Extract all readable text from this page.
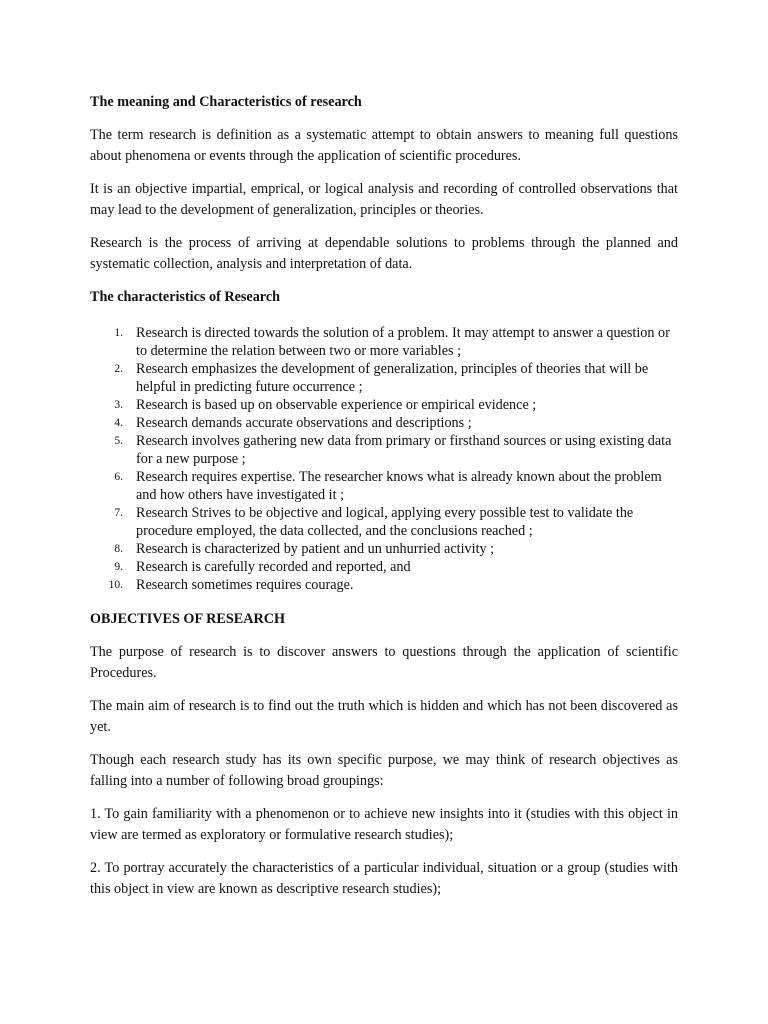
The meaning and Characteristics of research

The term research is definition as a systematic attempt to obtain answers to meaning full questions about phenomena or events through the application of scientific procedures.

It is an objective impartial, emprical, or logical analysis and recording of controlled observations that may lead to the development of generalization, principles or theories.

Research is the process of arriving at dependable solutions to problems through the planned and systematic collection, analysis and interpretation of data.

The characteristics of Research

1. Research is directed towards the solution of a problem. It may attempt to answer a question or to determine the relation between two or more variables ;
2. Research emphasizes the development of generalization, principles of theories that will be helpful in predicting future occurrence ;
3. Research is based up on observable experience or empirical evidence ;
4. Research demands accurate observations and descriptions ;
5. Research involves gathering new data from primary or firsthand sources or using existing data for a new purpose ;
6. Research requires expertise. The researcher knows what is already known about the problem and how others have investigated it ;
7. Research Strives to be objective and logical, applying every possible test to validate the procedure employed, the data collected, and the conclusions reached ;
8. Research is characterized by patient and un unhurried activity ;
9. Research is carefully recorded and reported, and
10. Research sometimes requires courage.

OBJECTIVES OF RESEARCH

The purpose of research is to discover answers to questions through the application of scientific Procedures.

The main aim of research is to find out the truth which is hidden and which has not been discovered as yet.

Though each research study has its own specific purpose, we may think of research objectives as falling into a number of following broad groupings:

1. To gain familiarity with a phenomenon or to achieve new insights into it (studies with this object in view are termed as exploratory or formulative research studies);

2. To portray accurately the characteristics of a particular individual, situation or a group (studies with this object in view are known as descriptive research studies);
